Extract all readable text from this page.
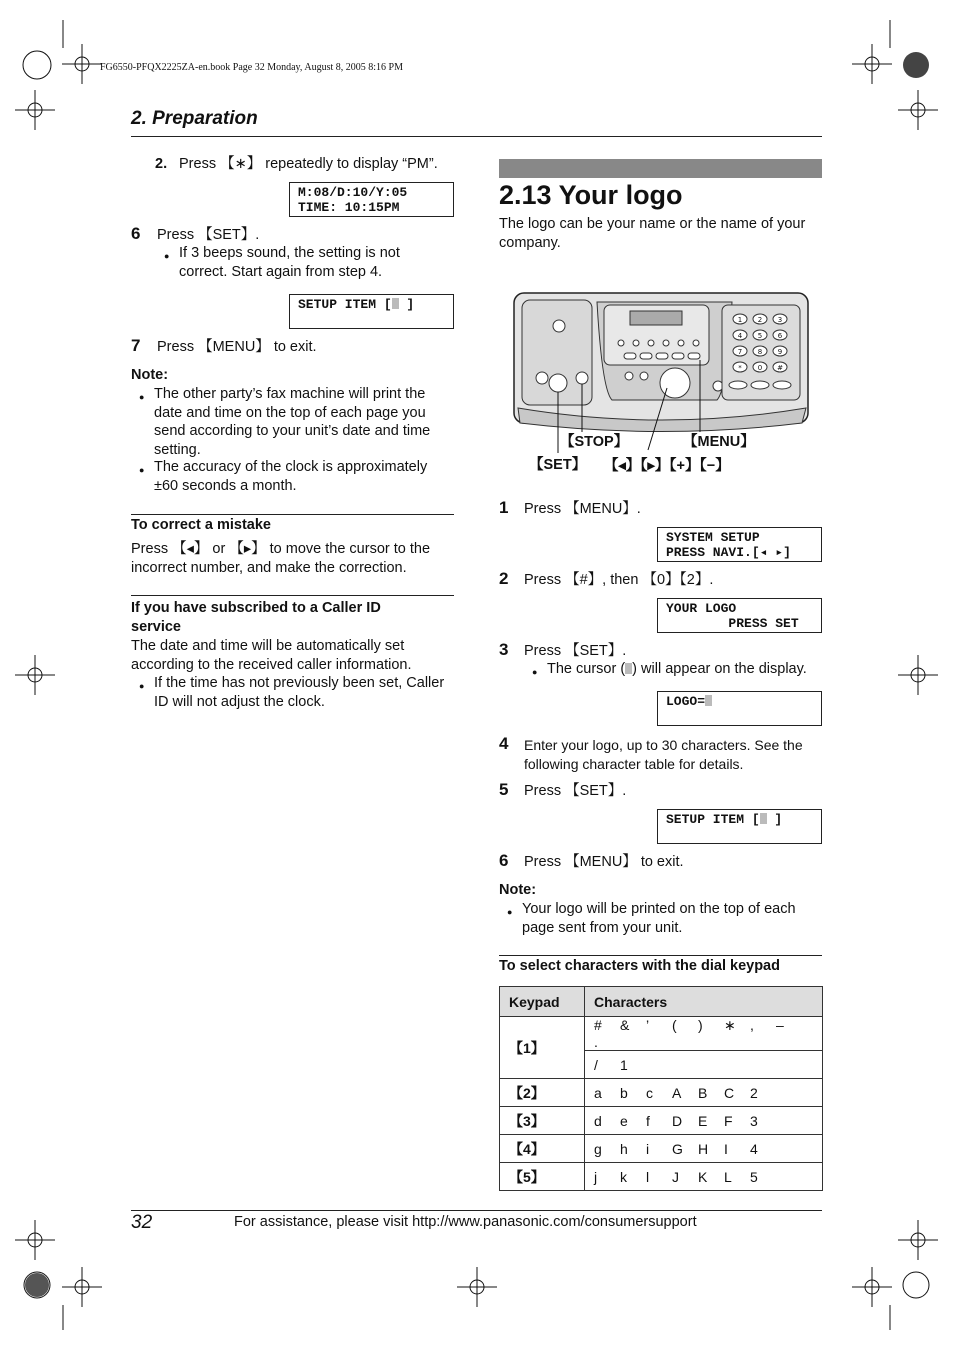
FG6550-PFQX2225ZA-en.book Page 32 Monday, August 8, 2005 8:16 PM
2. Preparation
2. Press 【∗】 repeatedly to display “PM”.
M:08/D:10/Y:05
TIME: 10:15PM
6 Press 【SET】.
● If 3 beeps sound, the setting is not correct. Start again from step 4.
SETUP ITEM [ ]
7 Press 【MENU】 to exit.
Note:
● The other party’s fax machine will print the date and time on the top of each page you send according to your unit’s date and time setting.
● The accuracy of the clock is approximately ±60 seconds a month.
To correct a mistake
Press 【◂】 or 【▸】 to move the cursor to the incorrect number, and make the correction.
If you have subscribed to a Caller ID service
The date and time will be automatically set according to the received caller information.
● If the time has not previously been set, Caller ID will not adjust the clock.
2.13 Your logo
The logo can be your name or the name of your company.
1 2 3
4 5 6
7 8 9
* 0 #
【STOP】	【MENU】
【SET】 【◂】【▸】【+】【−】
1 Press 【MENU】.
SYSTEM SETUP
PRESS NAVI.[◂ ▸]
2 Press 【#】, then 【0】【2】.
YOUR LOGO
PRESS SET
3 Press 【SET】.
● The cursor ( ) will appear on the display.
LOGO=
4 Enter your logo, up to 30 characters. See the following character table for details.
5 Press 【SET】.
SETUP ITEM [ ]
6 Press 【MENU】 to exit.
Note:
● Your logo will be printed on the top of each page sent from your unit.
To select characters with the dial keypad
Keypad	Characters
【1】	# & ’ ( ) ∗ , –.
	/ 1
【2】	a b c A B C 2
【3】	d e f D E F 3
【4】	g h i G H I 4
【5】	j k l J K L 5
32	For assistance, please visit http://www.panasonic.com/consumersupport
